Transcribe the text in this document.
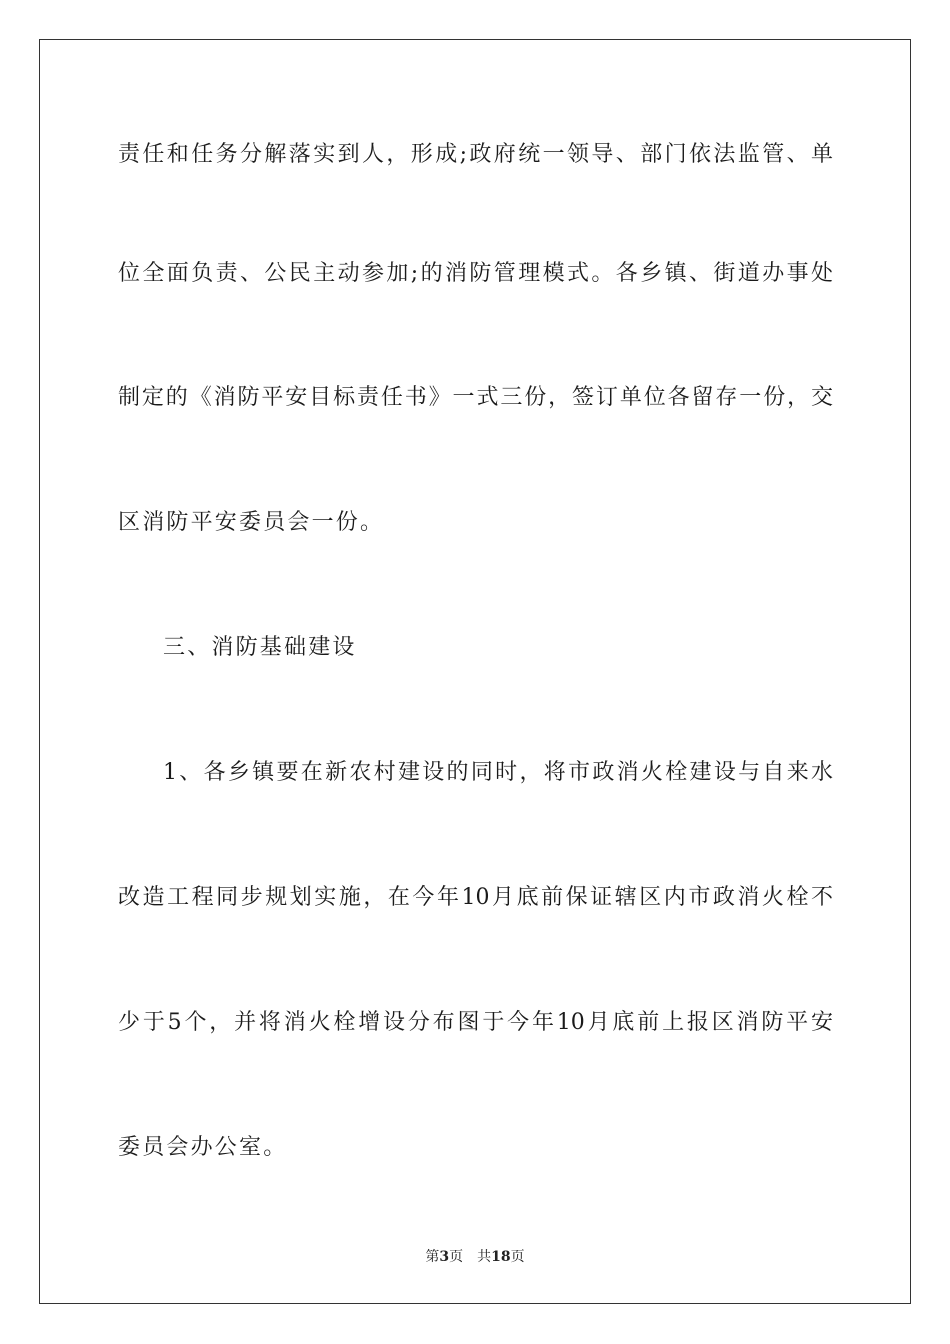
责任和任务分解落实到人，形成;政府统一领导、部门依法监管、单
位全面负责、公民主动参加;的消防管理模式。各乡镇、街道办事处
制定的《消防平安目标责任书》一式三份，签订单位各留存一份，交
区消防平安委员会一份。
三、消防基础建设
1、各乡镇要在新农村建设的同时，将市政消火栓建设与自来水
改造工程同步规划实施，在今年10月底前保证辖区内市政消火栓不
少于5个，并将消火栓增设分布图于今年10月底前上报区消防平安
委员会办公室。
第3页 共18页
